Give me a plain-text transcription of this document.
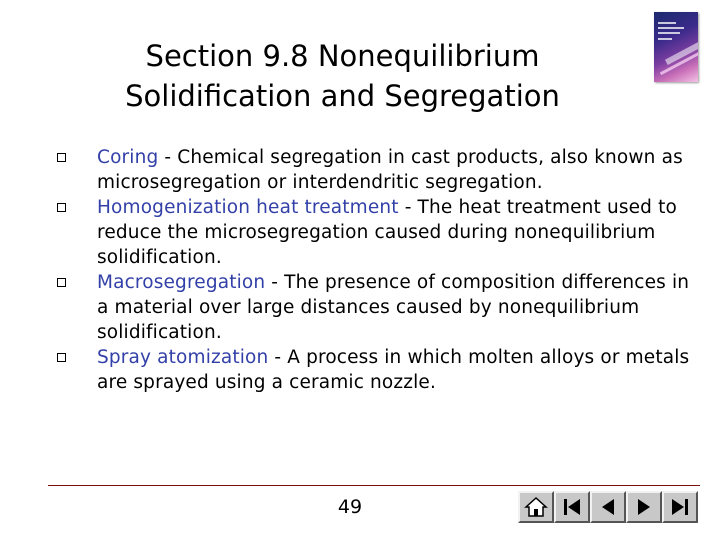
Section 9.8 Nonequilibrium
Solidification and Segregation
Coring - Chemical segregation in cast products, also known as microsegregation or interdendritic segregation.
Homogenization heat treatment - The heat treatment used to reduce the microsegregation caused during nonequilibrium solidification.
Macrosegregation - The presence of composition differences in a material over large distances caused by nonequilibrium solidification.
Spray atomization - A process in which molten alloys or metals are sprayed using a ceramic nozzle.
49
